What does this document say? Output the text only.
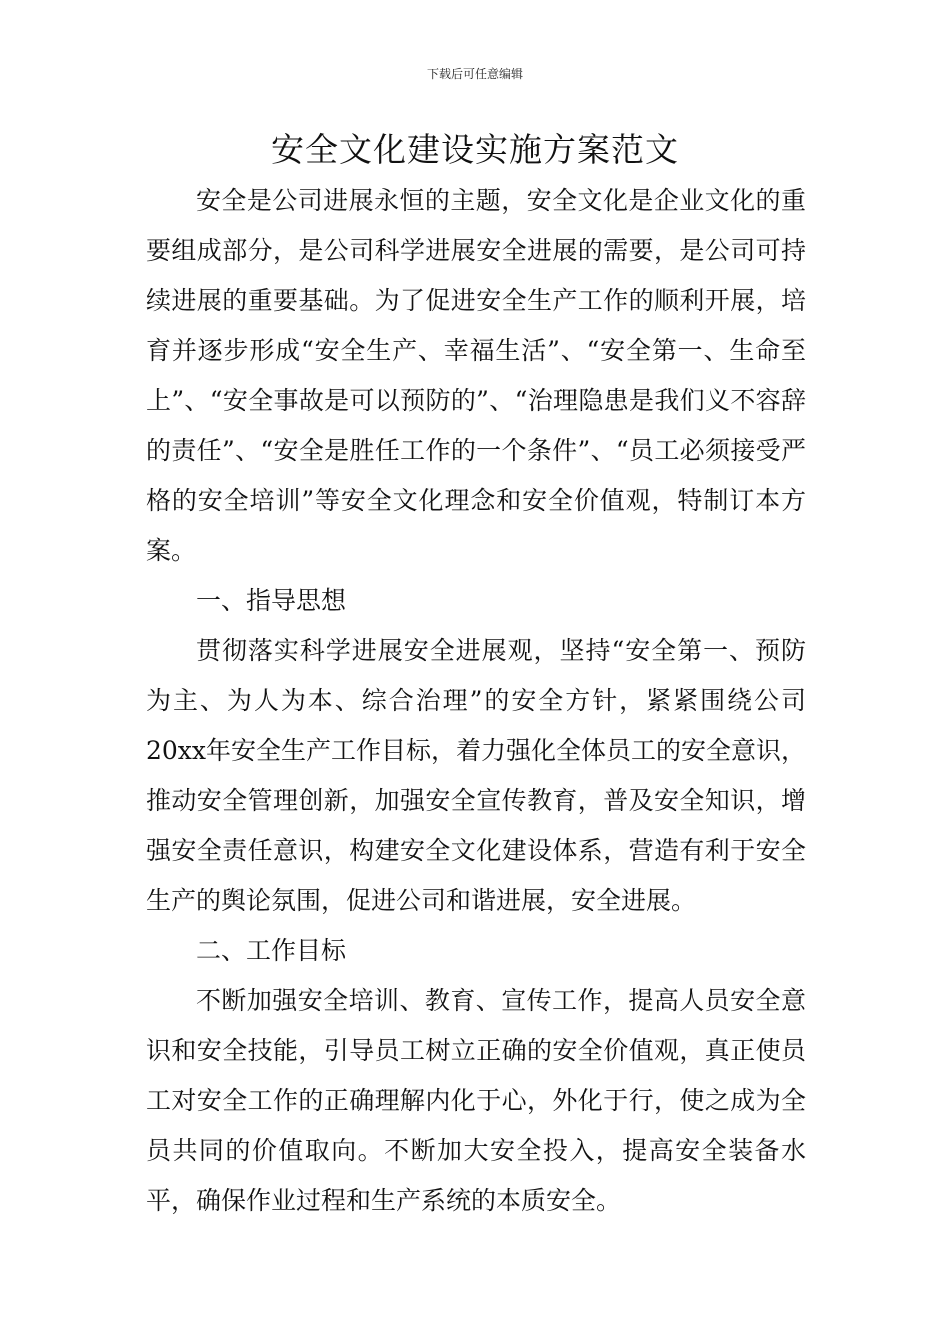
下载后可任意编辑
安全文化建设实施方案范文

安全是公司进展永恒的主题，安全文化是企业文化的重要组成部分，是公司科学进展安全进展的需要，是公司可持续进展的重要基础。为了促进安全生产工作的顺利开展，培育并逐步形成“安全生产、幸福生活”、“安全第一、生命至上”、“安全事故是可以预防的”、“治理隐患是我们义不容辞的责任”、“安全是胜任工作的一个条件”、“员工必须接受严格的安全培训”等安全文化理念和安全价值观，特制订本方案。

一、指导思想

贯彻落实科学进展安全进展观，坚持“安全第一、预防为主、为人为本、综合治理”的安全方针，紧紧围绕公司20xx年安全生产工作目标，着力强化全体员工的安全意识，推动安全管理创新，加强安全宣传教育，普及安全知识，增强安全责任意识，构建安全文化建设体系，营造有利于安全生产的舆论氛围，促进公司和谐进展，安全进展。

二、工作目标

不断加强安全培训、教育、宣传工作，提高人员安全意识和安全技能，引导员工树立正确的安全价值观，真正使员工对安全工作的正确理解内化于心，外化于行，使之成为全员共同的价值取向。不断加大安全投入，提高安全装备水平，确保作业过程和生产系统的本质安全。
